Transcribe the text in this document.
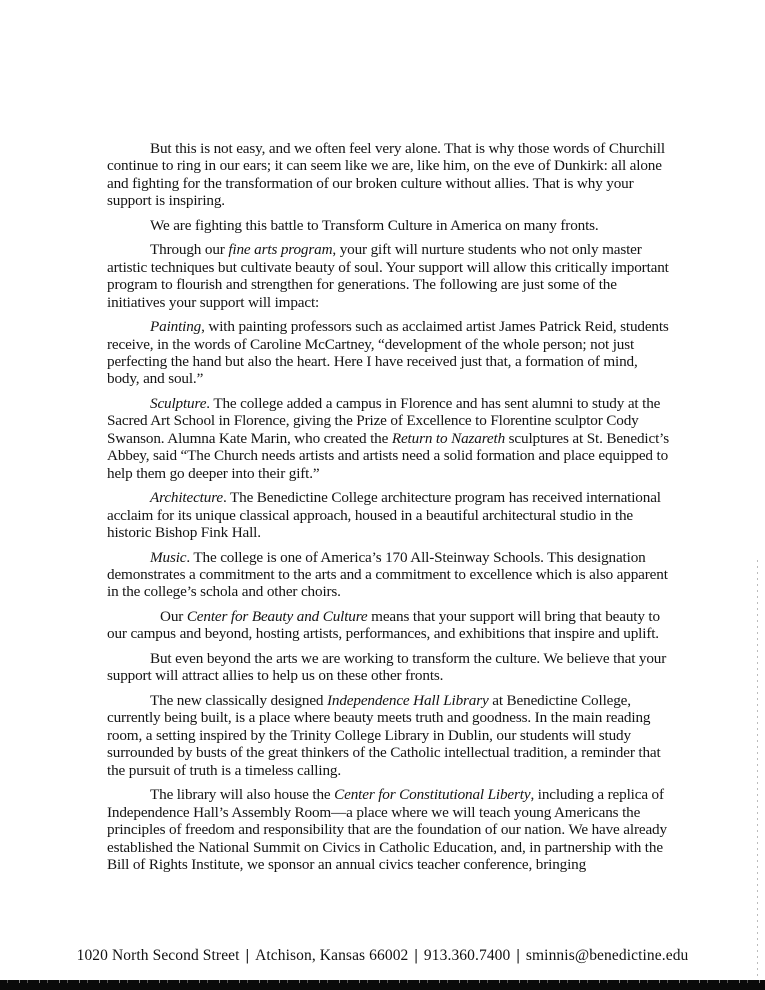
But this is not easy, and we often feel very alone. That is why those words of Churchill continue to ring in our ears; it can seem like we are, like him, on the eve of Dunkirk: all alone and fighting for the transformation of our broken culture without allies. That is why your support is inspiring.

We are fighting this battle to Transform Culture in America on many fronts.

Through our fine arts program, your gift will nurture students who not only master artistic techniques but cultivate beauty of soul. Your support will allow this critically important program to flourish and strengthen for generations. The following are just some of the initiatives your support will impact:

Painting, with painting professors such as acclaimed artist James Patrick Reid, students receive, in the words of Caroline McCartney, “development of the whole person; not just perfecting the hand but also the heart. Here I have received just that, a formation of mind, body, and soul.”

Sculpture. The college added a campus in Florence and has sent alumni to study at the Sacred Art School in Florence, giving the Prize of Excellence to Florentine sculptor Cody Swanson. Alumna Kate Marin, who created the Return to Nazareth sculptures at St. Benedict’s Abbey, said “The Church needs artists and artists need a solid formation and place equipped to help them go deeper into their gift.”

Architecture. The Benedictine College architecture program has received international acclaim for its unique classical approach, housed in a beautiful architectural studio in the historic Bishop Fink Hall.

Music. The college is one of America’s 170 All-Steinway Schools. This designation demonstrates a commitment to the arts and a commitment to excellence which is also apparent in the college’s schola and other choirs.

Our Center for Beauty and Culture means that your support will bring that beauty to our campus and beyond, hosting artists, performances, and exhibitions that inspire and uplift.

But even beyond the arts we are working to transform the culture. We believe that your support will attract allies to help us on these other fronts.

The new classically designed Independence Hall Library at Benedictine College, currently being built, is a place where beauty meets truth and goodness. In the main reading room, a setting inspired by the Trinity College Library in Dublin, our students will study surrounded by busts of the great thinkers of the Catholic intellectual tradition, a reminder that the pursuit of truth is a timeless calling.

The library will also house the Center for Constitutional Liberty, including a replica of Independence Hall’s Assembly Room—a place where we will teach young Americans the principles of freedom and responsibility that are the foundation of our nation. We have already established the National Summit on Civics in Catholic Education, and, in partnership with the Bill of Rights Institute, we sponsor an annual civics teacher conference, bringing

1020 North Second Street | Atchison, Kansas 66002 | 913.360.7400 | sminnis@benedictine.edu
